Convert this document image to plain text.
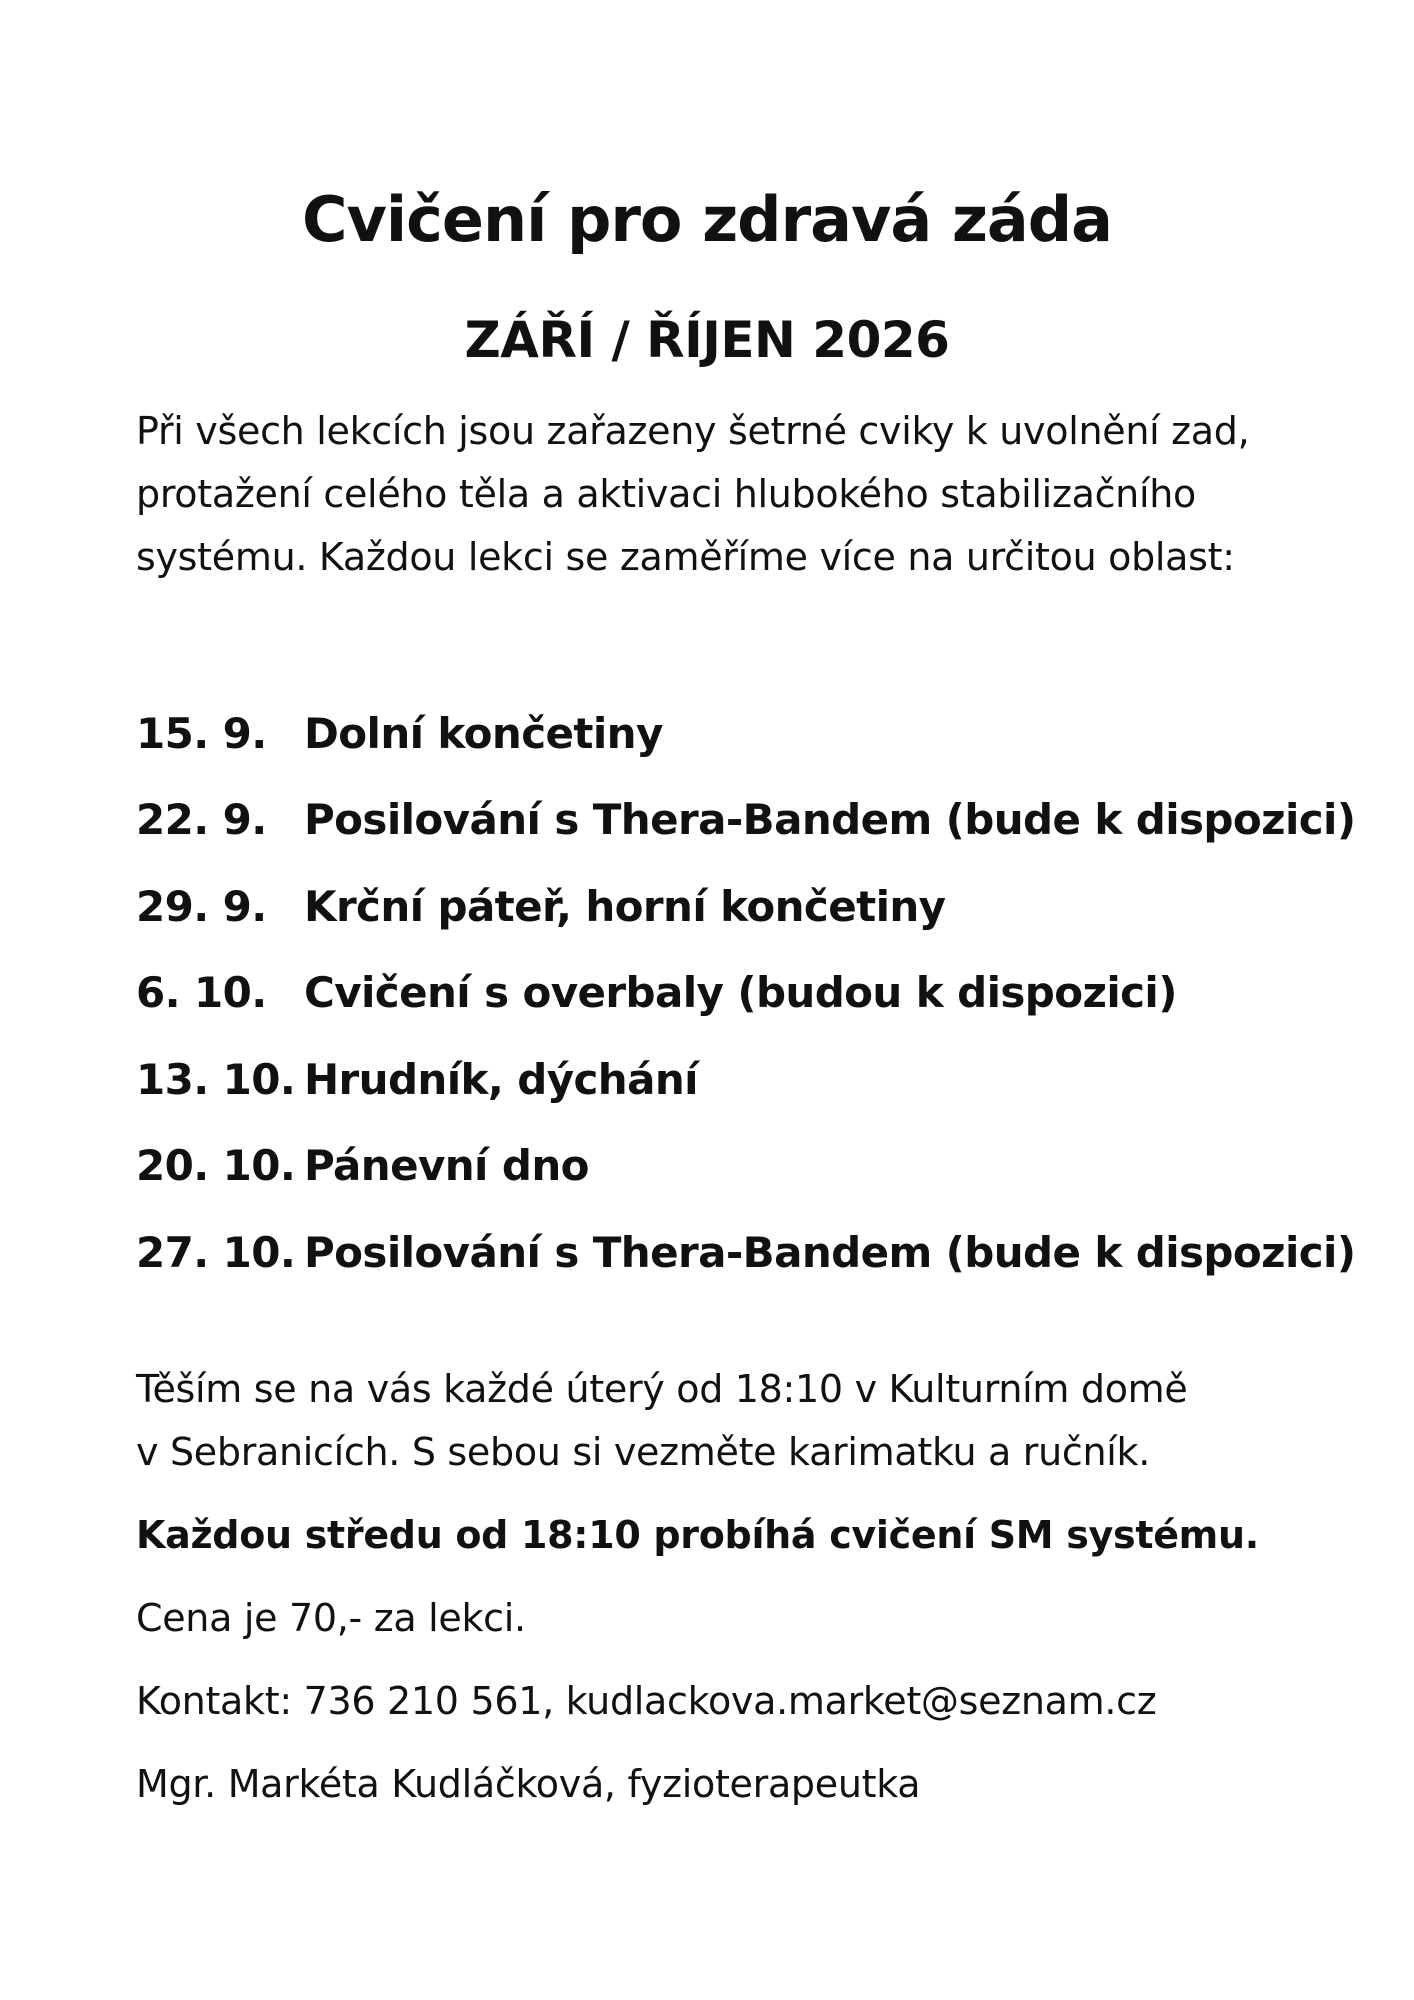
Cvičení pro zdravá záda
ZÁŘÍ / ŘÍJEN 2026
Při všech lekcích jsou zařazeny šetrné cviky k uvolnění zad,
protažení celého těla a aktivaci hlubokého stabilizačního
systému. Každou lekci se zaměříme více na určitou oblast:
15. 9. Dolní končetiny
22. 9. Posilování s Thera-Bandem (bude k dispozici)
29. 9. Krční páteř, horní končetiny
6. 10. Cvičení s overbaly (budou k dispozici)
13. 10. Hrudník, dýchání
20. 10. Pánevní dno
27. 10. Posilování s Thera-Bandem (bude k dispozici)
Těším se na vás každé úterý od 18:10 v Kulturním domě
v Sebranicích. S sebou si vezměte karimatku a ručník.
Každou středu od 18:10 probíhá cvičení SM systému.
Cena je 70,- za lekci.
Kontakt: 736 210 561, kudlackova.market@seznam.cz
Mgr. Markéta Kudláčková, fyzioterapeutka
